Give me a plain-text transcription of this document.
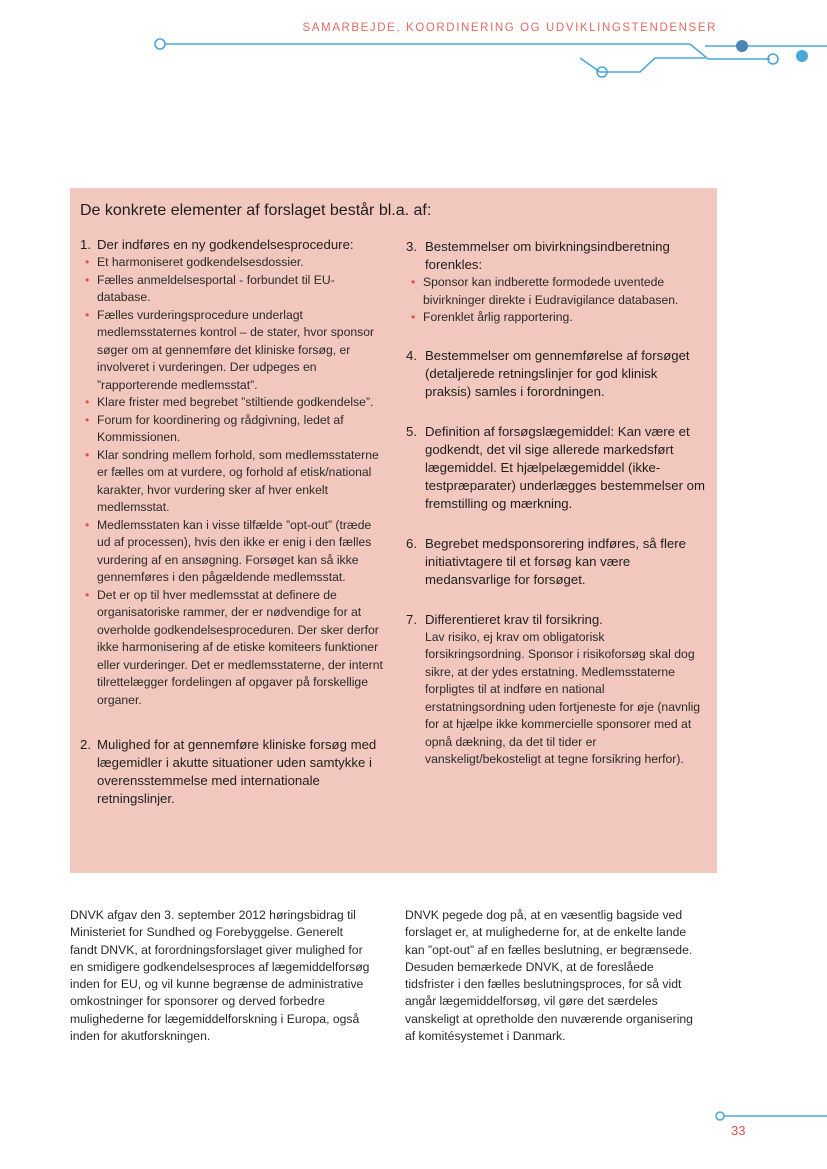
SAMARBEJDE, KOORDINERING OG UDVIKLINGSTENDENSER
De konkrete elementer af forslaget består bl.a. af:
1. Der indføres en ny godkendelsesprocedure:
• Et harmoniseret godkendelsesdossier.
• Fælles anmeldelsesportal - forbundet til EU-database.
• Fælles vurderingsprocedure underlagt medlemsstaternes kontrol – de stater, hvor sponsor søger om at gennemføre det kliniske forsøg, er involveret i vurderingen. Der udpeges en ”rapporterende medlemsstat”.
• Klare frister med begrebet ”stiltiende godkendelse”.
• Forum for koordinering og rådgivning, ledet af Kommissionen.
• Klar sondring mellem forhold, som medlemsstaterne er fælles om at vurdere, og forhold af etisk/national karakter, hvor vurdering sker af hver enkelt medlemsstat.
• Medlemsstaten kan i visse tilfælde ”opt-out” (træde ud af processen), hvis den ikke er enig i den fælles vurdering af en ansøgning. Forsøget kan så ikke gennemføres i den pågældende medlemsstat.
• Det er op til hver medlemsstat at definere de organisatoriske rammer, der er nødvendige for at overholde godkendelsesproceduren. Der sker derfor ikke harmonisering af de etiske komiteers funktioner eller vurderinger. Det er medlemsstaterne, der internt tilrettelægger fordelingen af opgaver på forskellige organer.
2. Mulighed for at gennemføre kliniske forsøg med lægemidler i akutte situationer uden samtykke i overensstemmelse med internationale retningslinjer.
3. Bestemmelser om bivirkningsindberetning forenkles:
• Sponsor kan indberette formodede uventede bivirkninger direkte i Eudravigilance databasen.
• Forenklet årlig rapportering.
4. Bestemmelser om gennemførelse af forsøget (detaljerede retningslinjer for god klinisk praksis) samles i forordningen.
5. Definition af forsøgslægemiddel: Kan være et godkendt, det vil sige allerede markedsført lægemiddel. Et hjælpelægemiddel (ikke-testpræparater) underlægges bestemmelser om fremstilling og mærkning.
6. Begrebet medsponsorering indføres, så flere initiativtagere til et forsøg kan være medansvarlige for forsøget.
7. Differentieret krav til forsikring.
Lav risiko, ej krav om obligatorisk forsikringsordning. Sponsor i risikoforsøg skal dog sikre, at der ydes erstatning. Medlemsstaterne forpligtes til at indføre en national erstatningsordning uden fortjeneste for øje (navnlig for at hjælpe ikke kommercielle sponsorer med at opnå dækning, da det til tider er vanskeligt/bekosteligt at tegne forsikring herfor).
DNVK afgav den 3. september 2012 høringsbidrag til Ministeriet for Sundhed og Forebyggelse. Generelt fandt DNVK, at forordningsforslaget giver mulighed for en smidigere godkendelsesproces af lægemiddelforsøg inden for EU, og vil kunne begrænse de administrative omkostninger for sponsorer og derved forbedre mulighederne for lægemiddelforskning i Europa, også inden for akutforskningen.
DNVK pegede dog på, at en væsentlig bagside ved forslaget er, at mulighederne for, at de enkelte lande kan ”opt-out” af en fælles beslutning, er begrænsede. Desuden bemærkede DNVK, at de foreslåede tidsfrister i den fælles beslutningsproces, for så vidt angår lægemiddelforsøg, vil gøre det særdeles vanskeligt at opretholde den nuværende organisering af komitésystemet i Danmark.
33
